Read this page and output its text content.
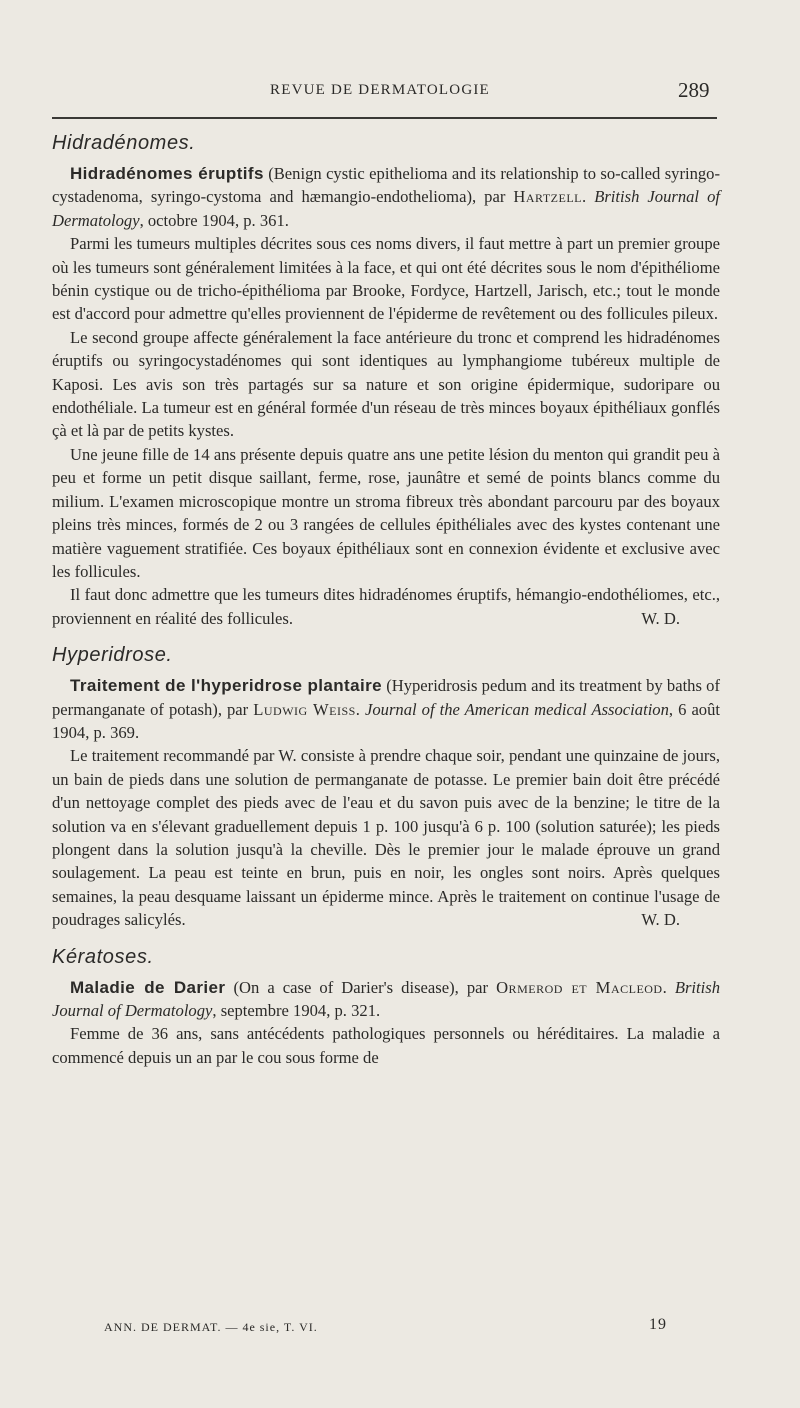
REVUE DE DERMATOLOGIE	289
Hidradénomes.

Hidradénomes éruptifs (Benign cystic epithelioma and its relationship to so-called syringo-cystadenoma, syringo-cystoma and hæmangio-endothelioma), par Hartzell. British Journal of Dermatology, octobre 1904, p. 361.

Parmi les tumeurs multiples décrites sous ces noms divers, il faut mettre à part un premier groupe où les tumeurs sont généralement limitées à la face, et qui ont été décrites sous le nom d'épithéliome bénin cystique ou de tricho-épithélioma par Brooke, Fordyce, Hartzell, Jarisch, etc.; tout le monde est d'accord pour admettre qu'elles proviennent de l'épiderme de revêtement ou des follicules pileux.

Le second groupe affecte généralement la face antérieure du tronc et comprend les hidradénomes éruptifs ou syringocystadénomes qui sont identiques au lymphangiome tubéreux multiple de Kaposi. Les avis son très partagés sur sa nature et son origine épidermique, sudoripare ou endothéliale. La tumeur est en général formée d'un réseau de très minces boyaux épithéliaux gonflés çà et là par de petits kystes.

Une jeune fille de 14 ans présente depuis quatre ans une petite lésion du menton qui grandit peu à peu et forme un petit disque saillant, ferme, rose, jaunâtre et semé de points blancs comme du milium. L'examen microscopique montre un stroma fibreux très abondant parcouru par des boyaux pleins très minces, formés de 2 ou 3 rangées de cellules épithéliales avec des kystes contenant une matière vaguement stratifiée. Ces boyaux épithéliaux sont en connexion évidente et exclusive avec les follicules.

Il faut donc admettre que les tumeurs dites hidradénomes éruptifs, hémangio-endothéliomes, etc., proviennent en réalité des follicules.	W. D.

Hyperidrose.

Traitement de l'hyperidrose plantaire (Hyperidrosis pedum and its treatment by baths of permanganate of potash), par Ludwig Weiss. Journal of the American medical Association, 6 août 1904, p. 369.

Le traitement recommandé par W. consiste à prendre chaque soir, pendant une quinzaine de jours, un bain de pieds dans une solution de permanganate de potasse. Le premier bain doit être précédé d'un nettoyage complet des pieds avec de l'eau et du savon puis avec de la benzine; le titre de la solution va en s'élevant graduellement depuis 1 p. 100 jusqu'à 6 p. 100 (solution saturée); les pieds plongent dans la solution jusqu'à la cheville. Dès le premier jour le malade éprouve un grand soulagement. La peau est teinte en brun, puis en noir, les ongles sont noirs. Après quelques semaines, la peau desquame laissant un épiderme mince. Après le traitement on continue l'usage de poudrages salicylés.	W. D.

Kératoses.

Maladie de Darier (On a case of Darier's disease), par Ormerod et Macleod. British Journal of Dermatology, septembre 1904, p. 321.

Femme de 36 ans, sans antécédents pathologiques personnels ou héréditaires. La maladie a commencé depuis un an par le cou sous forme de

ANN. DE DERMAT. — 4e sie, T. VI.	19
